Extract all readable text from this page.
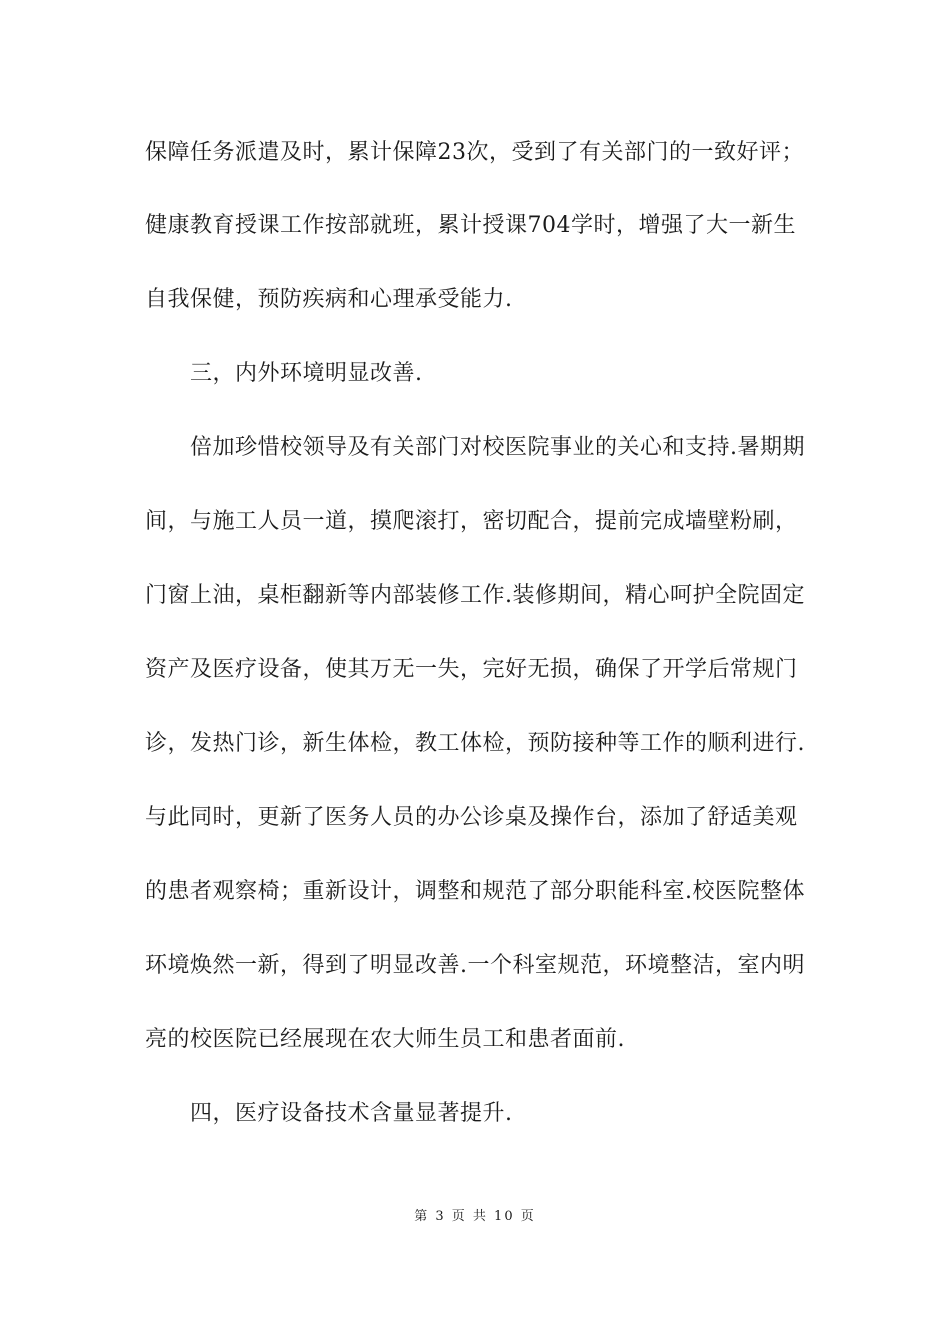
保障任务派遣及时，累计保障23次，受到了有关部门的一致好评；
健康教育授课工作按部就班，累计授课704学时，增强了大一新生
自我保健，预防疾病和心理承受能力.
三，内外环境明显改善.
倍加珍惜校领导及有关部门对校医院事业的关心和支持.暑期期
间，与施工人员一道，摸爬滚打，密切配合，提前完成墙壁粉刷，
门窗上油，桌柜翻新等内部装修工作.装修期间，精心呵护全院固定
资产及医疗设备，使其万无一失，完好无损，确保了开学后常规门
诊，发热门诊，新生体检，教工体检，预防接种等工作的顺利进行.
与此同时，更新了医务人员的办公诊桌及操作台，添加了舒适美观
的患者观察椅；重新设计，调整和规范了部分职能科室.校医院整体
环境焕然一新，得到了明显改善.一个科室规范，环境整洁，室内明
亮的校医院已经展现在农大师生员工和患者面前.
四，医疗设备技术含量显著提升.
第 3 页 共 10 页
